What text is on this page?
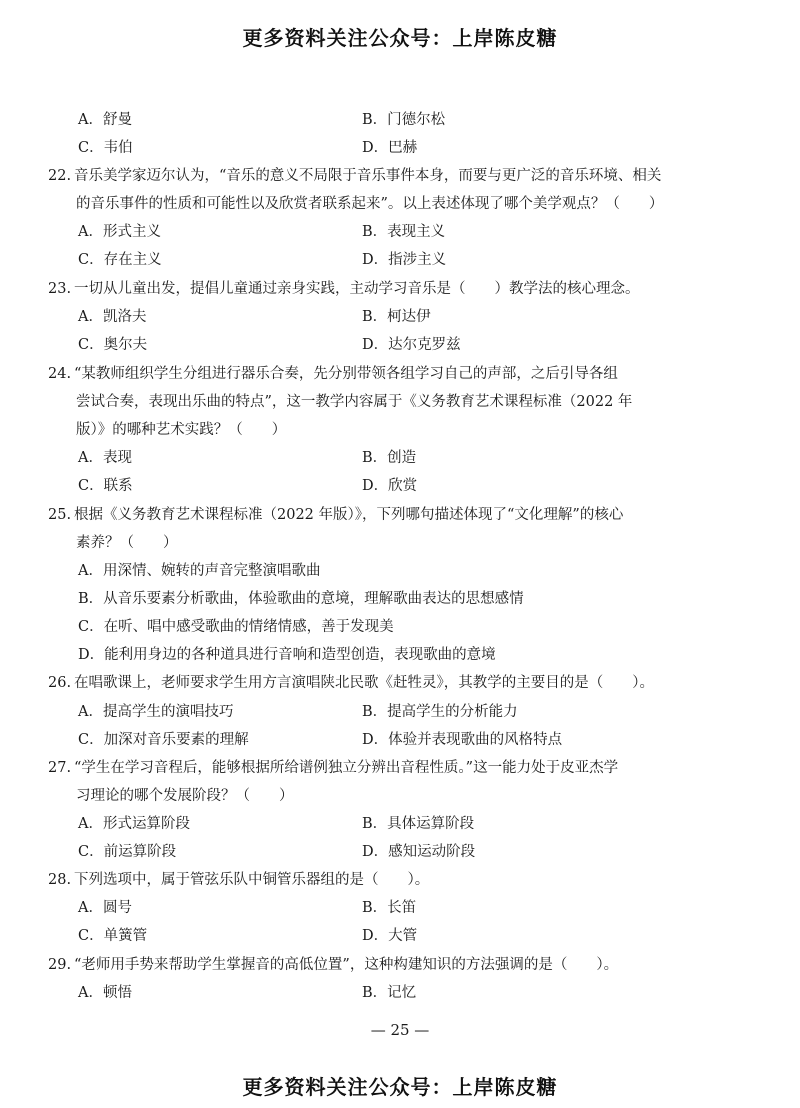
更多资料关注公众号：上岸陈皮糖
A．舒曼	B．门德尔松
C．韦伯	D．巴赫
22. 音乐美学家迈尔认为，“音乐的意义不局限于音乐事件本身，而要与更广泛的音乐环境、相关
的音乐事件的性质和可能性以及欣赏者联系起来”。以上表述体现了哪个美学观点？（　　）
A．形式主义	B．表现主义
C．存在主义	D．指涉主义
23. 一切从儿童出发，提倡儿童通过亲身实践，主动学习音乐是（　　）教学法的核心理念。
A．凯洛夫	B．柯达伊
C．奥尔夫	D．达尔克罗兹
24. “某教师组织学生分组进行器乐合奏，先分别带领各组学习自己的声部，之后引导各组
尝试合奏，表现出乐曲的特点”，这一教学内容属于《义务教育艺术课程标准（2022 年
版）》的哪种艺术实践？（　　）
A．表现	B．创造
C．联系	D．欣赏
25. 根据《义务教育艺术课程标准（2022 年版）》，下列哪句描述体现了“文化理解”的核心
素养？（　　）
A．用深情、婉转的声音完整演唱歌曲
B．从音乐要素分析歌曲，体验歌曲的意境，理解歌曲表达的思想感情
C．在听、唱中感受歌曲的情绪情感，善于发现美
D．能利用身边的各种道具进行音响和造型创造，表现歌曲的意境
26. 在唱歌课上，老师要求学生用方言演唱陕北民歌《赶牲灵》，其教学的主要目的是（　　）。
A．提高学生的演唱技巧	B．提高学生的分析能力
C．加深对音乐要素的理解	D．体验并表现歌曲的风格特点
27. “学生在学习音程后，能够根据所给谱例独立分辨出音程性质。”这一能力处于皮亚杰学
习理论的哪个发展阶段？（　　）
A．形式运算阶段	B．具体运算阶段
C．前运算阶段	D．感知运动阶段
28. 下列选项中，属于管弦乐队中铜管乐器组的是（　　）。
A．圆号	B．长笛
C．单簧管	D．大管
29. “老师用手势来帮助学生掌握音的高低位置”，这种构建知识的方法强调的是（　　）。
A．顿悟	B．记忆
— 25 —
更多资料关注公众号：上岸陈皮糖
